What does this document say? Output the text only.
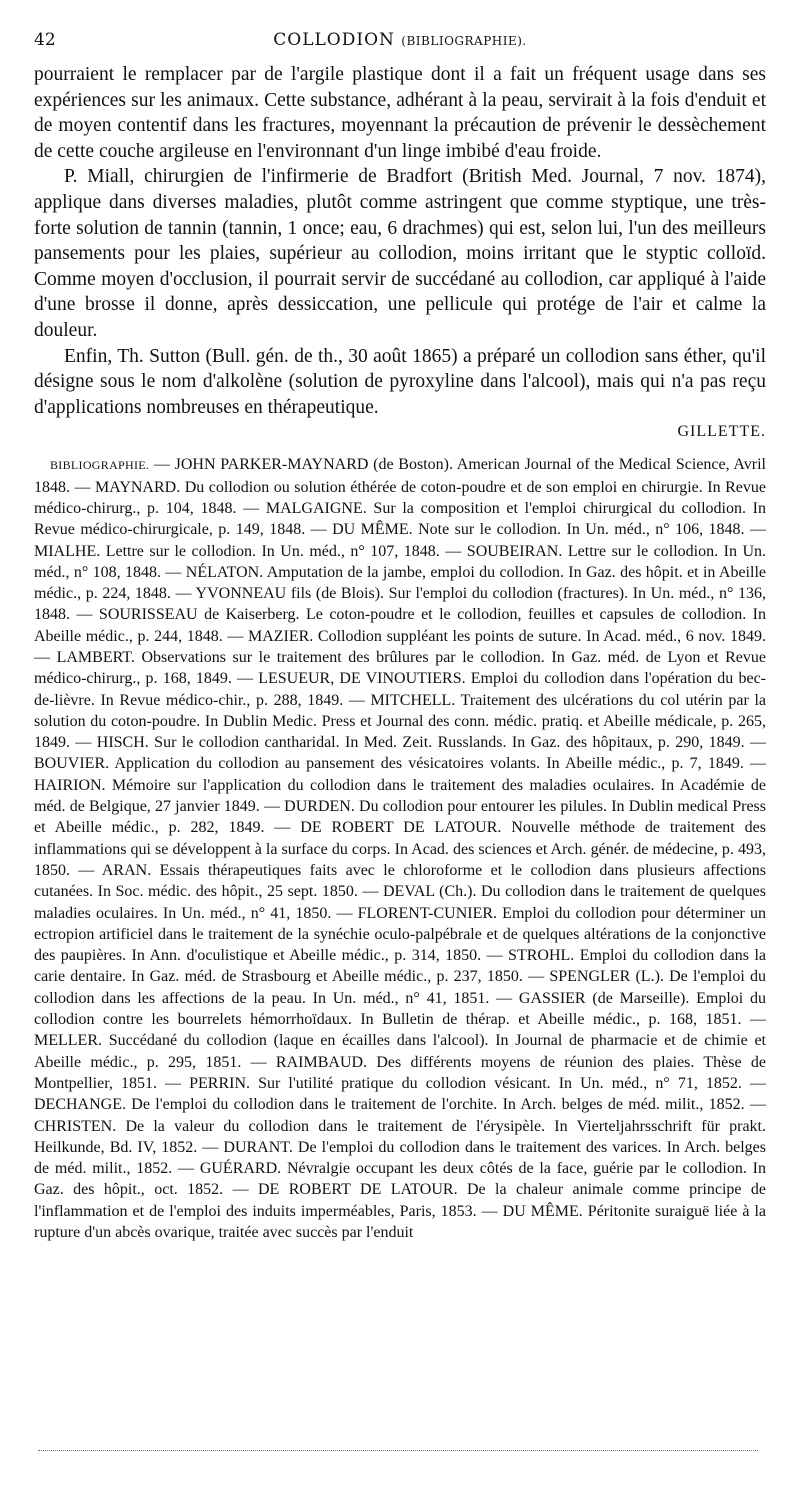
42	COLLODION (BIBLIOGRAPHIE).

pourraient le remplacer par de l'argile plastique dont il a fait un fréquent usage dans ses expériences sur les animaux. Cette substance, adhérant à la peau, servirait à la fois d'enduit et de moyen contentif dans les fractures, moyennant la précaution de prévenir le dessèchement de cette couche argileuse en l'environnant d'un linge imbibé d'eau froide.

P. Miall, chirurgien de l'infirmerie de Bradfort (British Med. Journal, 7 nov. 1874), applique dans diverses maladies, plutôt comme astringent que comme styptique, une très-forte solution de tannin (tannin, 1 once; eau, 6 drachmes) qui est, selon lui, l'un des meilleurs pansements pour les plaies, supérieur au collodion, moins irritant que le styptic colloïd. Comme moyen d'occlusion, il pourrait servir de succédané au collodion, car appliqué à l'aide d'une brosse il donne, après dessiccation, une pellicule qui protége de l'air et calme la douleur.

Enfin, Th. Sutton (Bull. gén. de th., 30 août 1865) a préparé un collodion sans éther, qu'il désigne sous le nom d'alkolène (solution de pyroxyline dans l'alcool), mais qui n'a pas reçu d'applications nombreuses en thérapeutique.

GILLETTE.

  BIBLIOGRAPHIE. — JOHN PARKER-MAYNARD (de Boston). American Journal of the Medical Science, Avril 1848. — MAYNARD. Du collodion ou solution éthérée de coton-poudre et de son emploi en chirurgie. In Revue médico-chirurg., p. 104, 1848. — MALGAIGNE. Sur la composition et l'emploi chirurgical du collodion. In Revue médico-chirurgicale, p. 149, 1848. — DU MÊME. Note sur le collodion. In Un. méd., n° 106, 1848. — MIALHE. Lettre sur le collodion. In Un. méd., n° 107, 1848. — SOUBEIRAN. Lettre sur le collodion. In Un. méd., n° 108, 1848. — NÉLATON. Amputation de la jambe, emploi du collodion. In Gaz. des hôpit. et in Abeille médic., p. 224, 1848. — YVONNEAU fils (de Blois). Sur l'emploi du collodion (fractures). In Un. méd., n° 136, 1848. — SOURISSEAU de Kaiserberg. Le coton-poudre et le collodion, feuilles et capsules de collodion. In Abeille médic., p. 244, 1848. — MAZIER. Collodion suppléant les points de suture. In Acad. méd., 6 nov. 1849. — LAMBERT. Observations sur le traitement des brûlures par le collodion. In Gaz. méd. de Lyon et Revue médico-chirurg., p. 168, 1849. — LESUEUR, DE VINOUTIERS. Emploi du collodion dans l'opération du bec-de-lièvre. In Revue médico-chir., p. 288, 1849. — MITCHELL. Traitement des ulcérations du col utérin par la solution du coton-poudre. In Dublin Medic. Press et Journal des conn. médic. pratiq. et Abeille médicale, p. 265, 1849. — HISCH. Sur le collodion cantharidal. In Med. Zeit. Russlands. In Gaz. des hôpitaux, p. 290, 1849. — BOUVIER. Application du collodion au pansement des vésicatoires volants. In Abeille médic., p. 7, 1849. — HAIRION. Mémoire sur l'application du collodion dans le traitement des maladies oculaires. In Académie de méd. de Belgique, 27 janvier 1849. — DURDEN. Du collodion pour entourer les pilules. In Dublin medical Press et Abeille médic., p. 282, 1849. — DE ROBERT DE LATOUR. Nouvelle méthode de traitement des inflammations qui se développent à la surface du corps. In Acad. des sciences et Arch. génér. de médecine, p. 493, 1850. — ARAN. Essais thérapeutiques faits avec le chloroforme et le collodion dans plusieurs affections cutanées. In Soc. médic. des hôpit., 25 sept. 1850. — DEVAL (Ch.). Du collodion dans le traitement de quelques maladies oculaires. In Un. méd., n° 41, 1850. — FLORENT-CUNIER. Emploi du collodion pour déterminer un ectropion artificiel dans le traitement de la synéchie oculo-palpébrale et de quelques altérations de la conjonctive des paupières. In Ann. d'oculistique et Abeille médic., p. 314, 1850. — STROHL. Emploi du collodion dans la carie dentaire. In Gaz. méd. de Strasbourg et Abeille médic., p. 237, 1850. — SPENGLER (L.). De l'emploi du collodion dans les affections de la peau. In Un. méd., n° 41, 1851. — GASSIER (de Marseille). Emploi du collodion contre les bourrelets hémorrhoïdaux. In Bulletin de thérap. et Abeille médic., p. 168, 1851. — MELLER. Succédané du collodion (laque en écailles dans l'alcool). In Journal de pharmacie et de chimie et Abeille médic., p. 295, 1851. — RAIMBAUD. Des différents moyens de réunion des plaies. Thèse de Montpellier, 1851. — PERRIN. Sur l'utilité pratique du collodion vésicant. In Un. méd., n° 71, 1852. — DECHANGE. De l'emploi du collodion dans le traitement de l'orchite. In Arch. belges de méd. milit., 1852. — CHRISTEN. De la valeur du collodion dans le traitement de l'érysipèle. In Vierteljahrsschrift für prakt. Heilkunde, Bd. IV, 1852. — DURANT. De l'emploi du collodion dans le traitement des varices. In Arch. belges de méd. milit., 1852. — GUÉRARD. Névralgie occupant les deux côtés de la face, guérie par le collodion. In Gaz. des hôpit., oct. 1852. — DE ROBERT DE LATOUR. De la chaleur animale comme principe de l'inflammation et de l'emploi des induits imperméables, Paris, 1853. — DU MÊME. Péritonite suraiguë liée à la rupture d'un abcès ovarique, traitée avec succès par l'enduit
